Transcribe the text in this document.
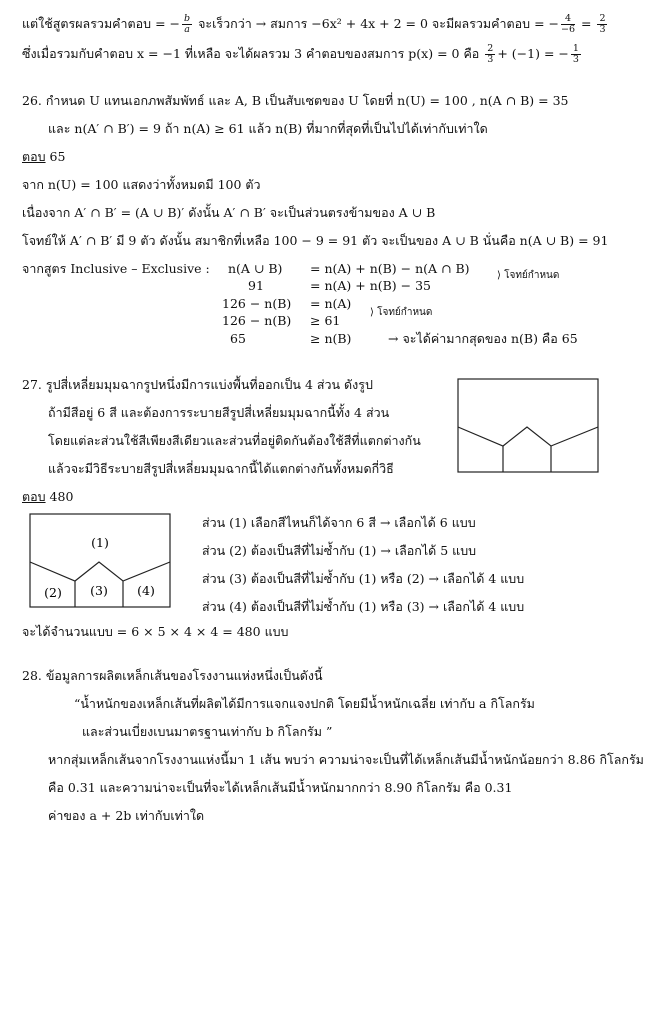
แต่ใช้สูตรผลรวมคำตอบ = − $\frac{b}{a}$ จะเร็วกว่า → สมการ −6x² + 4x + 2 = 0 จะมีผลรวมคำตอบ = − $\frac{4}{-6} = \frac{2}{3}$
ซึ่งเมื่อรวมกับคำตอบ x = −1 ที่เหลือ จะได้ผลรวม 3 คำตอบของสมการ p(x) = 0 คือ $\frac{2}{3} + (-1)$ = − $\frac{1}{3}$
26. กำหนด U แทนเอกภพสัมพัทธ์ และ A, B เป็นสับเซตของ U โดยที่ n(U) = 100 , n(A ∩ B) = 35
และ n(A′ ∩ B′) = 9 ถ้า n(A) ≥ 61 แล้ว n(B) ที่มากที่สุดที่เป็นไปได้เท่ากับเท่าใด
ตอบ 65
จาก n(U) = 100 แสดงว่าทั้งหมดมี 100 ตัว
เนื่องจาก A′ ∩ B′ = (A ∪ B)′ ดังนั้น A′ ∩ B′ จะเป็นส่วนตรงข้ามของ A ∪ B
โจทย์ให้ A′ ∩ B′ มี 9 ตัว ดังนั้น สมาชิกที่เหลือ 100 − 9 = 91 ตัว จะเป็นของ A ∪ B นั่นคือ n(A ∪ B) = 91
จากสูตร Inclusive – Exclusive : n(A ∪ B) = n(A) + n(B) − n(A ∩ B)
91	= n(A) + n(B) − 35
⟩ โจทย์กำหนด
126 − n(B) = n(A)
126 − n(B) ≥ 61
⟩ โจทย์กำหนด
65	≥ n(B)	→ จะได้ค่ามากสุดของ n(B) คือ 65
27. รูปสี่เหลี่ยมมุมฉากรูปหนึ่งมีการแบ่งพื้นที่ออกเป็น 4 ส่วน ดังรูป
ถ้ามีสีอยู่ 6 สี และต้องการระบายสีรูปสี่เหลี่ยมมุมฉากนี้ทั้ง 4 ส่วน
โดยแต่ละส่วนใช้สีเพียงสีเดียวและส่วนที่อยู่ติดกันต้องใช้สีที่แตกต่างกัน
แล้วจะมีวิธีระบายสีรูปสี่เหลี่ยมมุมฉากนี้ได้แตกต่างกันทั้งหมดกี่วิธี
ตอบ 480
(1)
(2) (3) (4)
ส่วน (1) เลือกสีไหนก็ได้จาก 6 สี → เลือกได้ 6 แบบ
ส่วน (2) ต้องเป็นสีที่ไม่ซ้ำกับ (1) → เลือกได้ 5 แบบ
ส่วน (3) ต้องเป็นสีที่ไม่ซ้ำกับ (1) หรือ (2) → เลือกได้ 4 แบบ
ส่วน (4) ต้องเป็นสีที่ไม่ซ้ำกับ (1) หรือ (3) → เลือกได้ 4 แบบ
จะได้จำนวนแบบ = 6 × 5 × 4 × 4 = 480 แบบ
28. ข้อมูลการผลิตเหล็กเส้นของโรงงานแห่งหนึ่งเป็นดังนี้
“น้ำหนักของเหล็กเส้นที่ผลิตได้มีการแจกแจงปกติ โดยมีน้ำหนักเฉลี่ย เท่ากับ a กิโลกรัม
และส่วนเบี่ยงเบนมาตรฐานเท่ากับ b กิโลกรัม ”
หากสุ่มเหล็กเส้นจากโรงงานแห่งนี้มา 1 เส้น พบว่า ความน่าจะเป็นที่ได้เหล็กเส้นมีน้ำหนักน้อยกว่า 8.86 กิโลกรัม
คือ 0.31 และความน่าจะเป็นที่จะได้เหล็กเส้นมีน้ำหนักมากกว่า 8.90 กิโลกรัม คือ 0.31
ค่าของ a + 2b เท่ากับเท่าใด
